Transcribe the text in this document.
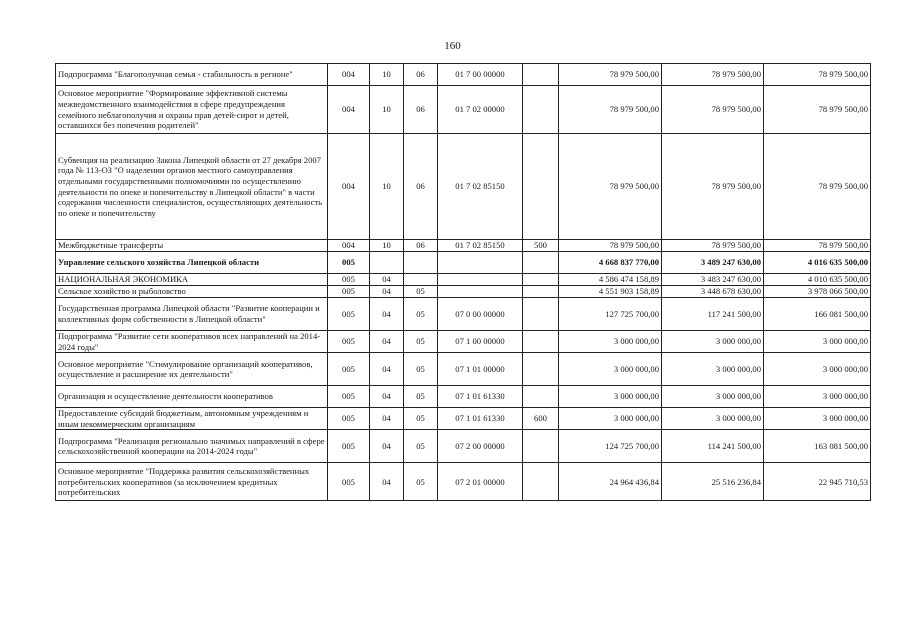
160
Подпрограмма "Благополучная семья - стабильность в регионе"	004	10	06	01 7 00 00000		78 979 500,00	78 979 500,00	78 979 500,00
Основное мероприятие "Формирование эффективной системы межведомственного взаимодействия в сфере предупреждения семейного неблагополучия и охраны прав детей-сирот и детей, оставшихся без попечения родителей"	004	10	06	01 7 02 00000		78 979 500,00	78 979 500,00	78 979 500,00
Субвенция на реализацию Закона Липецкой области от 27 декабря 2007 года № 113-ОЗ "О наделении органов местного самоуправления отдельными государственными полномочиями по осуществлению деятельности по опеке и попечительству в Липецкой области" в части содержания численности специалистов, осуществляющих деятельность по опеке и попечительству	004	10	06	01 7 02 85150		78 979 500,00	78 979 500,00	78 979 500,00
Межбюджетные трансферты	004	10	06	01 7 02 85150	500	78 979 500,00	78 979 500,00	78 979 500,00
Управление сельского хозяйства Липецкой области	005					4 668 837 770,00	3 489 247 630,00	4 016 635 500,00
НАЦИОНАЛЬНАЯ ЭКОНОМИКА	005	04				4 586 474 158,89	3 483 247 630,00	4 010 635 500,00
Сельское хозяйство и рыболовство	005	04	05			4 551 903 158,89	3 448 678 630,00	3 978 066 500,00
Государственная программа Липецкой области "Развитие кооперации и коллективных форм собственности в Липецкой области"	005	04	05	07 0 00 00000		127 725 700,00	117 241 500,00	166 081 500,00
Подпрограмма "Развитие сети кооперативов всех направлений на 2014-2024 годы"	005	04	05	07 1 00 00000		3 000 000,00	3 000 000,00	3 000 000,00
Основное мероприятие "Стимулирование организаций кооперативов, осуществление и расширение их деятельности"	005	04	05	07 1 01 00000		3 000 000,00	3 000 000,00	3 000 000,00
Организация и осуществление деятельности кооперативов	005	04	05	07 1 01 61330		3 000 000,00	3 000 000,00	3 000 000,00
Предоставление субсидий бюджетным, автономным учреждениям и иным некоммерческим организациям	005	04	05	07 1 01 61330	600	3 000 000,00	3 000 000,00	3 000 000,00
Подпрограмма "Реализация регионально значимых направлений в сфере сельскохозяйственной кооперации на 2014-2024 годы"	005	04	05	07 2 00 00000		124 725 700,00	114 241 500,00	163 081 500,00
Основное мероприятие "Поддержка развития сельскохозяйственных потребительских кооперативов (за исключением кредитных потребительских	005	04	05	07 2 01 00000		24 964 436,84	25 516 236,84	22 945 710,53
